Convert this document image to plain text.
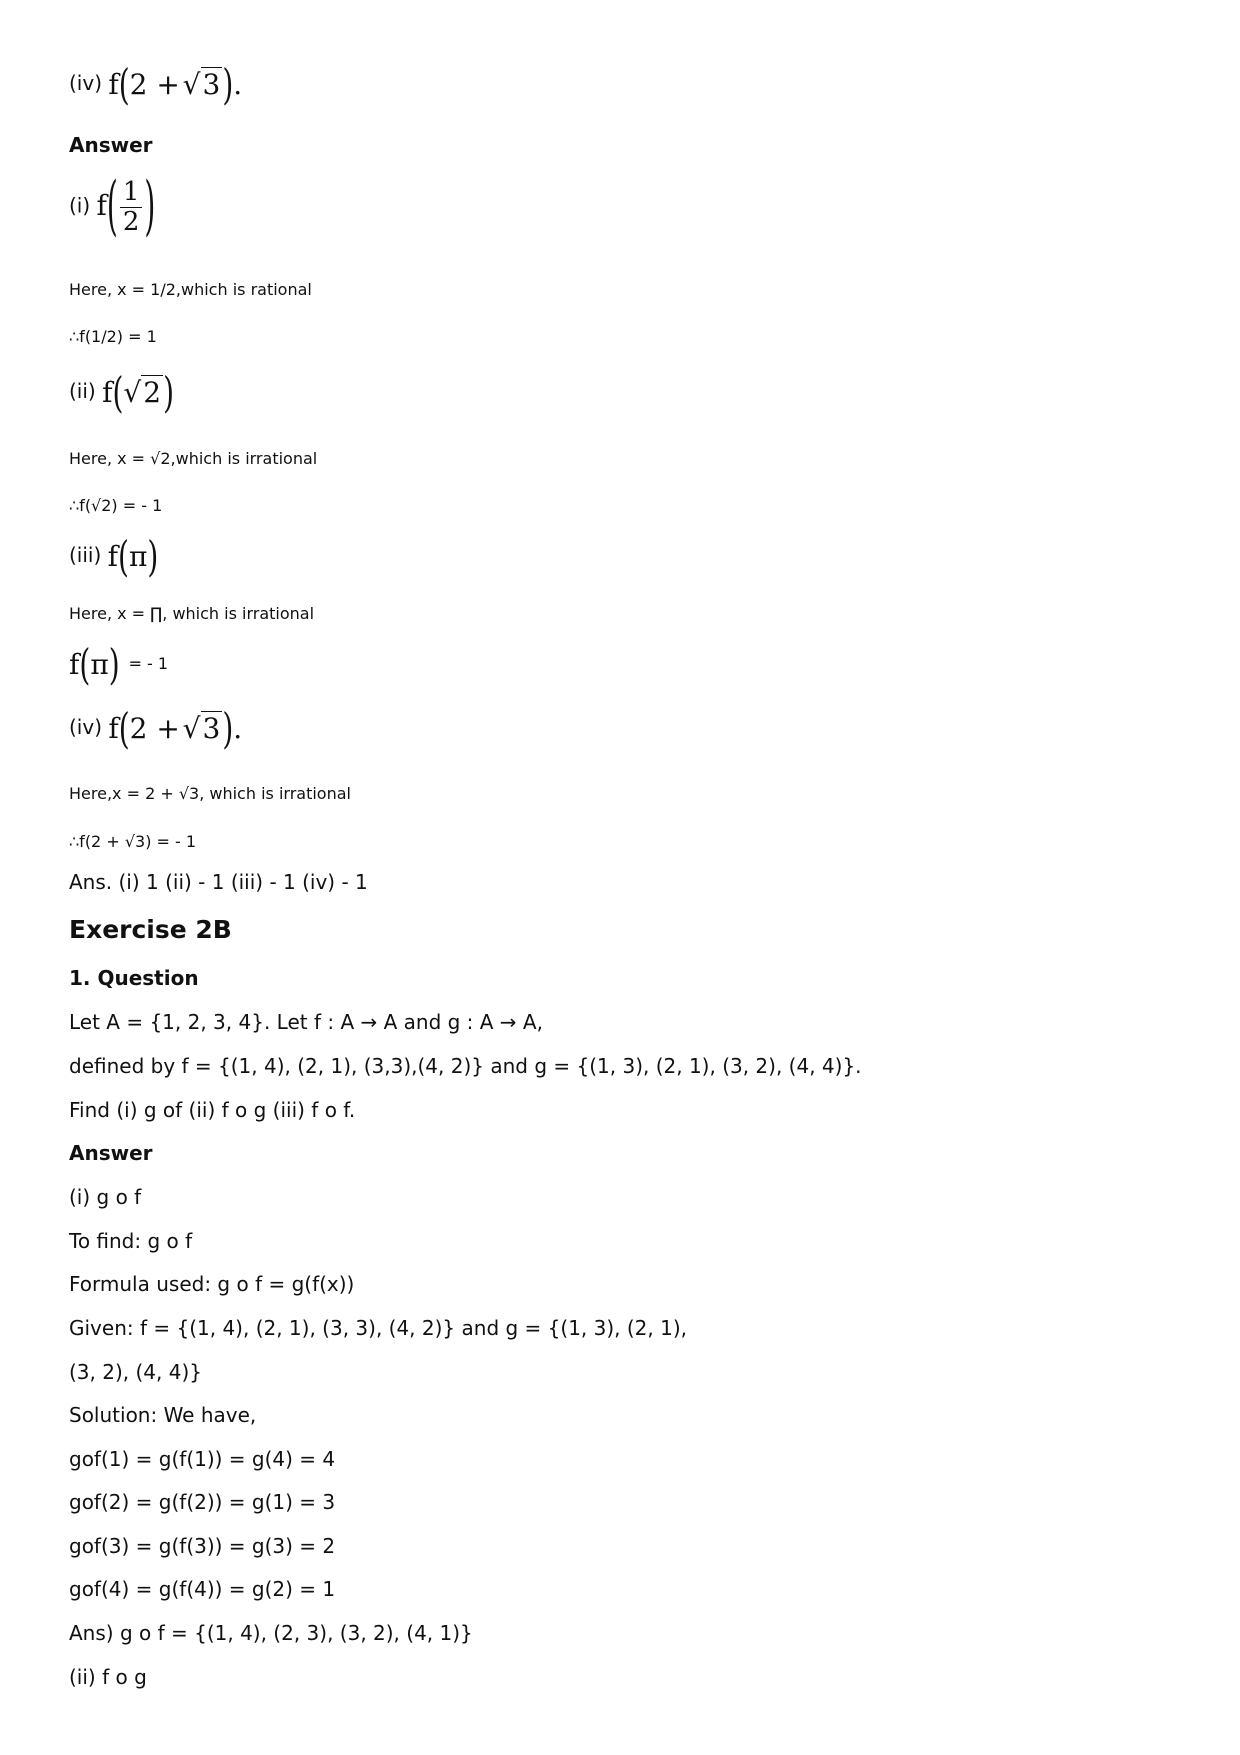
(iv) f(2 + √3).
Answer
(i) $f( \frac{1}{2}$ )
Here, x = 1/2,which is rational
∴f(1/2) = 1
(ii) f(√2)
Here, x = √2,which is irrational
∴f(√2) = - 1
(iii) f(π)
Here, x = ∏, which is irrational
f(π) = - 1
(iv) f(2 + √3).
Here,x = 2 + √3, which is irrational
∴f(2 + √3) = - 1
Ans. (i) 1 (ii) - 1 (iii) - 1 (iv) - 1
Exercise 2B
1. Question
Let A = {1, 2, 3, 4}. Let f : A → A and g : A → A,
defined by f = {(1, 4), (2, 1), (3,3),(4, 2)} and g = {(1, 3), (2, 1), (3, 2), (4, 4)}.
Find (i) g of (ii) f o g (iii) f o f.
Answer
(i) g o f
To find: g o f
Formula used: g o f = g(f(x))
Given: f = {(1, 4), (2, 1), (3, 3), (4, 2)} and g = {(1, 3), (2, 1),
(3, 2), (4, 4)}
Solution: We have,
gof(1) = g(f(1)) = g(4) = 4
gof(2) = g(f(2)) = g(1) = 3
gof(3) = g(f(3)) = g(3) = 2
gof(4) = g(f(4)) = g(2) = 1
Ans) g o f = {(1, 4), (2, 3), (3, 2), (4, 1)}
(ii) f o g
